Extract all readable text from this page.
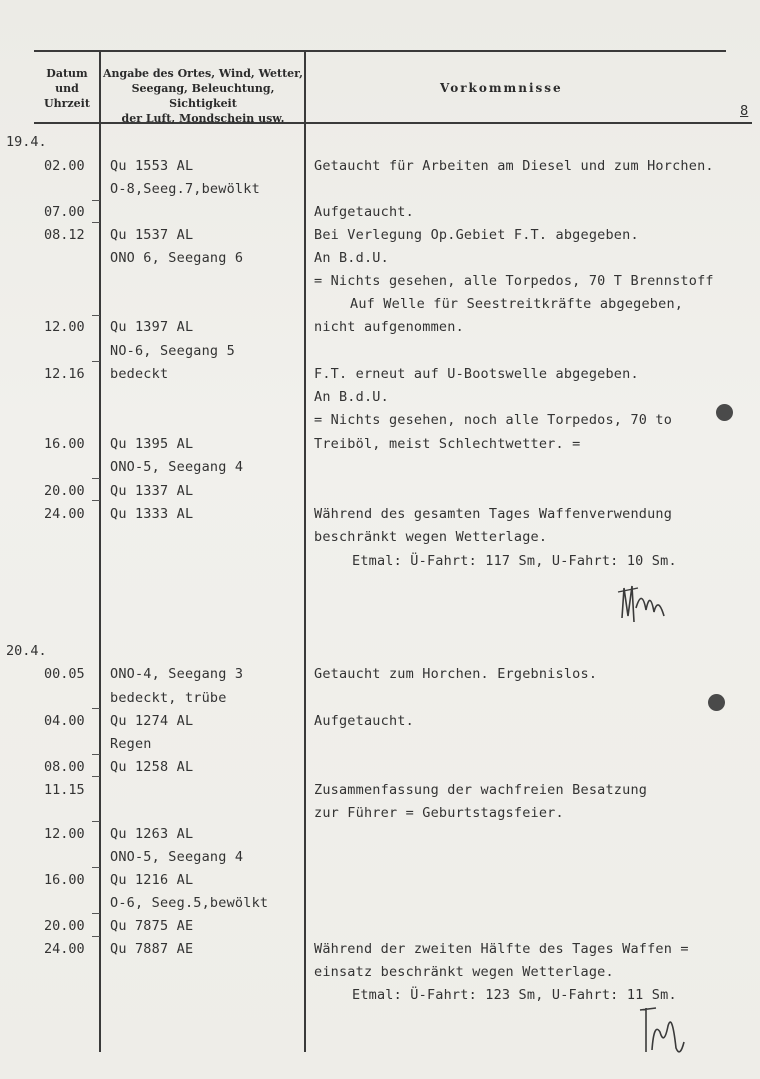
Datum
und
Uhrzeit
Angabe des Ortes, Wind, Wetter,
Seegang, Beleuchtung, Sichtigkeit
der Luft, Mondschein usw.
Vorkommnisse
8
19.4.
02.00
07.00
08.12
12.00
12.16
16.00
20.00
24.00
Qu 1553 AL
O-8,Seeg.7,bewölkt
Qu 1537 AL
ONO 6, Seegang 6
Qu 1397 AL
NO-6, Seegang 5
bedeckt
Qu 1395 AL
ONO-5, Seegang 4
Qu 1337 AL
Qu 1333 AL
Getaucht für Arbeiten am Diesel und zum Horchen.
Aufgetaucht.
Bei Verlegung Op.Gebiet F.T. abgegeben.
An B.d.U.
= Nichts gesehen, alle Torpedos, 70 T Brennstoff
Auf Welle für Seestreitkräfte abgegeben,
nicht aufgenommen.
F.T. erneut auf U-Bootswelle abgegeben.
An B.d.U.
= Nichts gesehen, noch alle Torpedos, 70 to
Treiböl, meist Schlechtwetter. =
Während des gesamten Tages Waffenverwendung
beschränkt wegen Wetterlage.
Etmal: Ü-Fahrt: 117 Sm, U-Fahrt: 10 Sm.
20.4.
00.05
04.00
08.00
11.15
12.00
16.00
20.00
24.00
ONO-4, Seegang 3
bedeckt, trübe
Qu 1274 AL
Regen
Qu 1258 AL
Qu 1263 AL
ONO-5, Seegang 4
Qu 1216 AL
O-6, Seeg.5,bewölkt
Qu 7875 AE
Qu 7887 AE
Getaucht zum Horchen. Ergebnislos.
Aufgetaucht.
Zusammenfassung der wachfreien Besatzung
zur Führer = Geburtstagsfeier.
Während der zweiten Hälfte des Tages Waffen =
einsatz beschränkt wegen Wetterlage.
Etmal: Ü-Fahrt: 123 Sm, U-Fahrt: 11 Sm.
